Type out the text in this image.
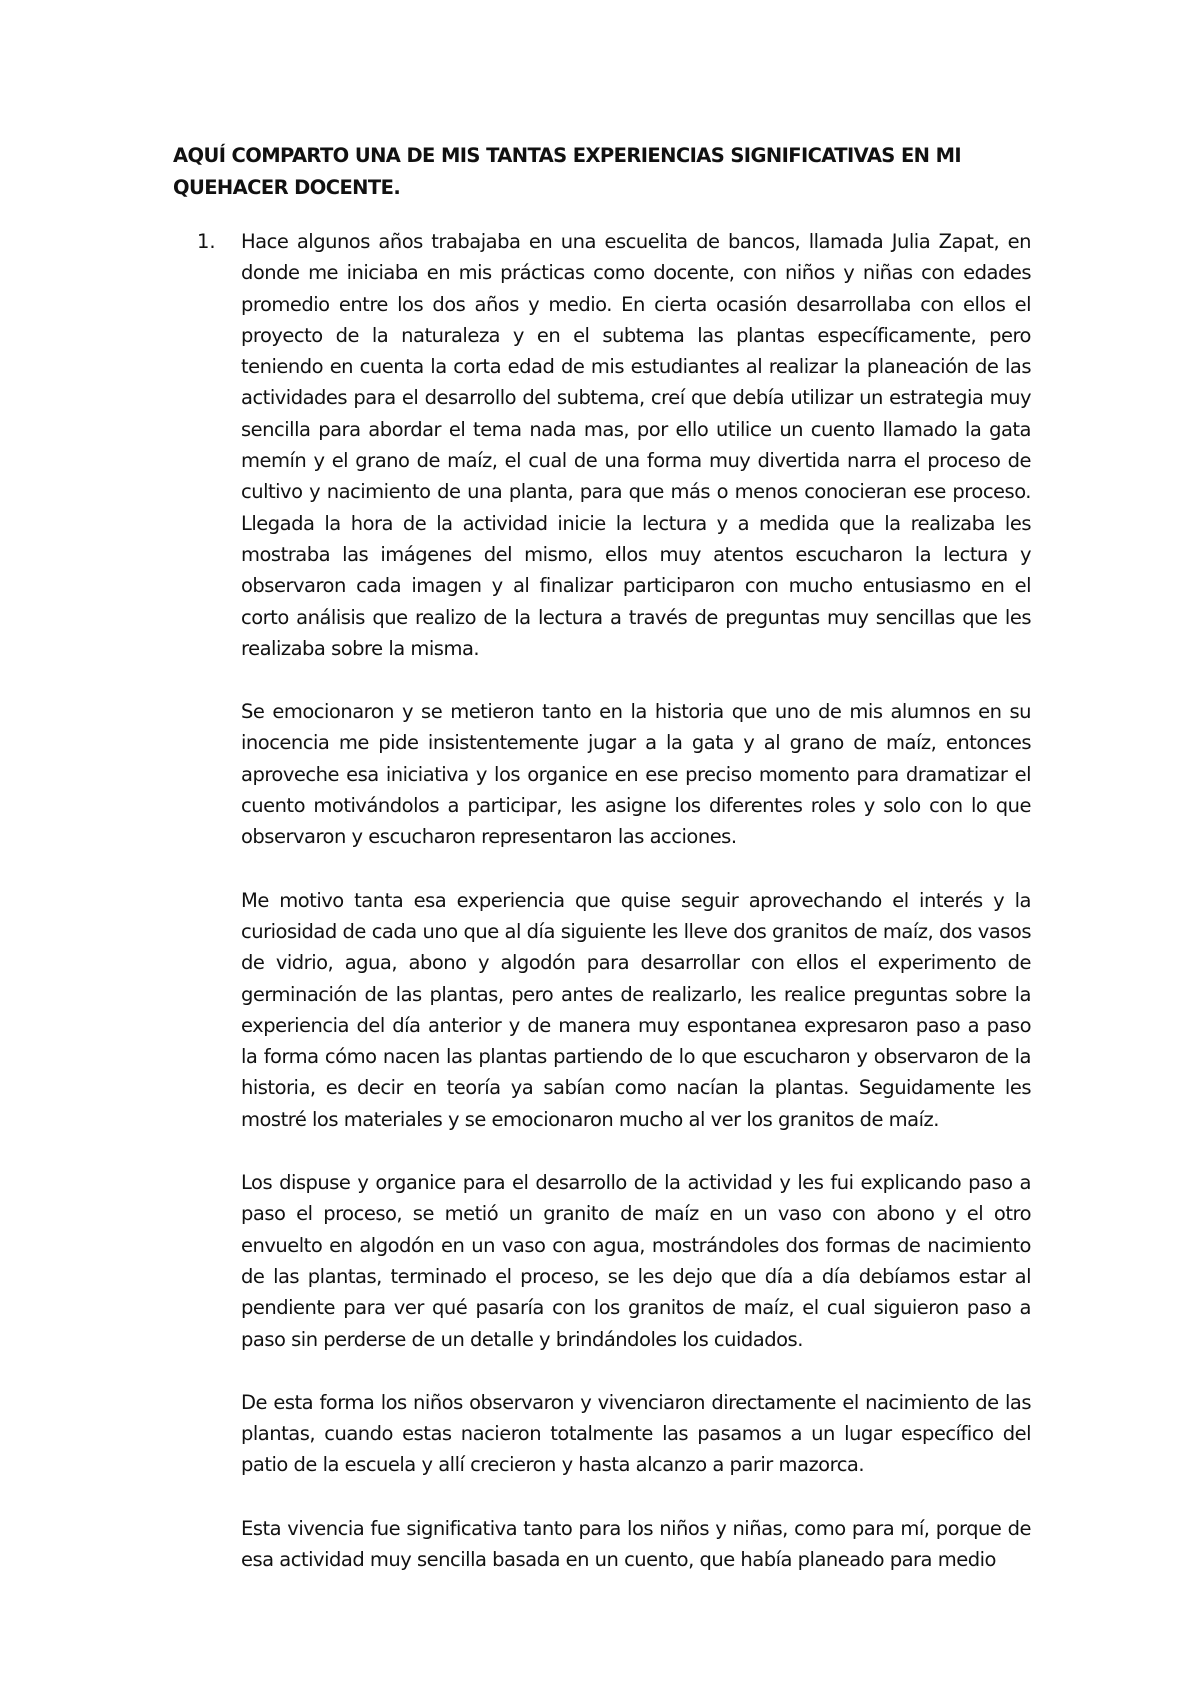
AQUÍ COMPARTO UNA DE MIS TANTAS EXPERIENCIAS SIGNIFICATIVAS EN MI QUEHACER DOCENTE.
1. Hace algunos años trabajaba en una escuelita de bancos, llamada Julia Zapat, en donde me iniciaba en mis prácticas como docente, con niños y niñas con edades promedio entre los dos años y medio. En cierta ocasión desarrollaba con ellos el proyecto de la naturaleza y en el subtema las plantas específicamente, pero teniendo en cuenta la corta edad de mis estudiantes al realizar la planeación de las actividades para el desarrollo del subtema, creí que debía utilizar un estrategia muy sencilla para abordar el tema nada mas, por ello utilice un cuento llamado la gata memín y el grano de maíz, el cual de una forma muy divertida narra el proceso de cultivo y nacimiento de una planta, para que más o menos conocieran ese proceso. Llegada la hora de la actividad inicie la lectura y a medida que la realizaba les mostraba las imágenes del mismo, ellos muy atentos escucharon la lectura y observaron cada imagen y al finalizar participaron con mucho entusiasmo en el corto análisis que realizo de la lectura a través de preguntas muy sencillas que les realizaba sobre la misma.

Se emocionaron y se metieron tanto en la historia que uno de mis alumnos en su inocencia me pide insistentemente jugar a la gata y al grano de maíz, entonces aproveche esa iniciativa y los organice en ese preciso momento para dramatizar el cuento motivándolos a participar, les asigne los diferentes roles y solo con lo que observaron y escucharon representaron las acciones.

Me motivo tanta esa experiencia que quise seguir aprovechando el interés y la curiosidad de cada uno que al día siguiente les lleve dos granitos de maíz, dos vasos de vidrio, agua, abono y algodón para desarrollar con ellos el experimento de germinación de las plantas, pero antes de realizarlo, les realice preguntas sobre la experiencia del día anterior y de manera muy espontanea expresaron paso a paso la forma cómo nacen las plantas partiendo de lo que escucharon y observaron de la historia, es decir en teoría ya sabían como nacían la plantas. Seguidamente les mostré los materiales y se emocionaron mucho al ver los granitos de maíz.

Los dispuse y organice para el desarrollo de la actividad y les fui explicando paso a paso el proceso, se metió un granito de maíz en un vaso con abono y el otro envuelto en algodón en un vaso con agua, mostrándoles dos formas de nacimiento de las plantas, terminado el proceso, se les dejo que día a día debíamos estar al pendiente para ver qué pasaría con los granitos de maíz, el cual siguieron paso a paso sin perderse de un detalle y brindándoles los cuidados.

De esta forma los niños observaron y vivenciaron directamente el nacimiento de las plantas, cuando estas nacieron totalmente las pasamos a un lugar específico del patio de la escuela y allí crecieron y hasta alcanzo a parir mazorca.

Esta vivencia fue significativa tanto para los niños y niñas, como para mí, porque de esa actividad muy sencilla basada en un cuento, que había planeado para medio
